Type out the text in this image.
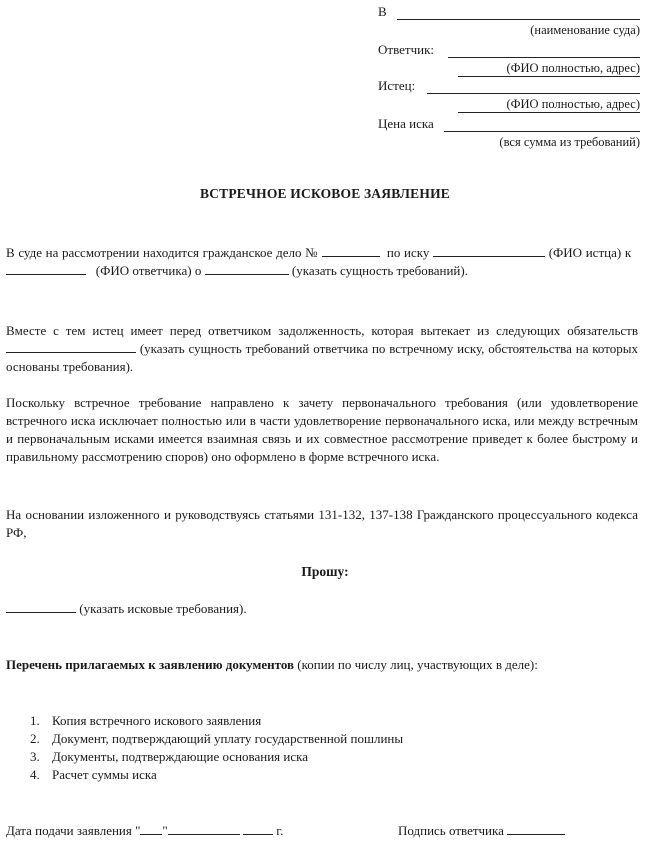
В
(наименование суда)
Ответчик:
(ФИО полностью, адрес)
Истец:
(ФИО полностью, адрес)
Цена иска
(вся сумма из требований)
ВСТРЕЧНОЕ ИСКОВОЕ ЗАЯВЛЕНИЕ
В суде на рассмотрении находится гражданское дело №	по иску	(ФИО истца) к     (ФИО ответчика) о	(указать сущность требований).
Вместе с тем истец имеет перед ответчиком задолженность, которая вытекает из следующих обязательств  (указать сущность требований ответчика по встречному иску, обстоятельства на которых основаны требования).
Поскольку встречное требование направлено к зачету первоначального требования (или удовлетворение встречного иска исключает полностью или в части удовлетворение первоначального иска, или между встречным и первоначальным исками имеется взаимная связь и их совместное рассмотрение приведет к более быстрому и правильному рассмотрению споров) оно оформлено в форме встречного иска.
На основании изложенного и руководствуясь статьями 131-132, 137-138 Гражданского процессуального кодекса РФ,
Прошу:
(указать исковые требования).
Перечень прилагаемых к заявлению документов (копии по числу лиц, участвующих в деле):
1. Копия встречного искового заявления
2. Документ, подтверждающий уплату государственной пошлины
3. Документы, подтверждающие основания иска
4. Расчет суммы иска
Дата подачи заявления " "	г.	Подпись ответчика
